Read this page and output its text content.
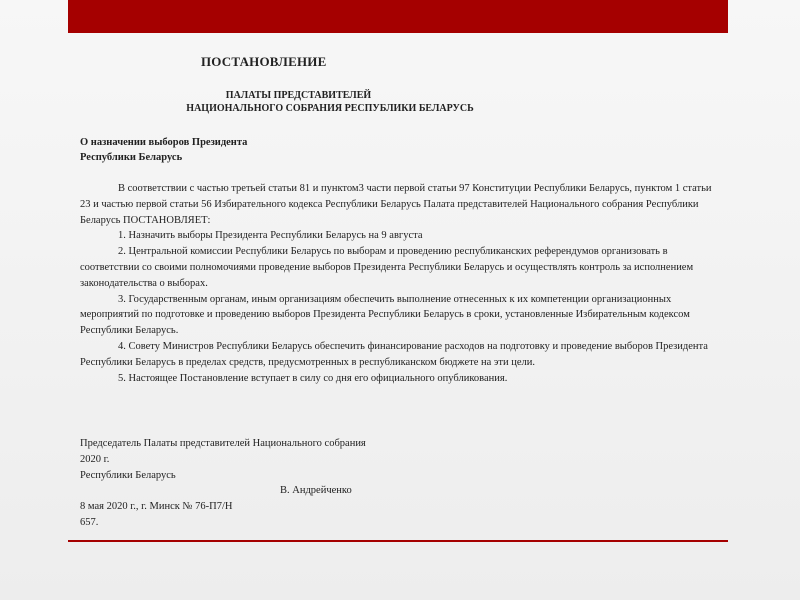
ПОСТАНОВЛЕНИЕ
ПАЛАТЫ ПРЕДСТАВИТЕЛЕЙ
НАЦИОНАЛЬНОГО СОБРАНИЯ РЕСПУБЛИКИ БЕЛАРУСЬ
О назначении выборов Президента
Республики Беларусь

В соответствии с частью третьей статьи 81 и пунктом3 части первой статьи 97 Конституции Республики Беларусь, пунктом 1 статьи 23 и частью первой статьи 56 Избирательного кодекса Республики Беларусь Палата представителей Национального собрания Республики Беларусь ПОСТАНОВЛЯЕТ:

1. Назначить выборы Президента Республики Беларусь на 9 августа

2. Центральной комиссии Республики Беларусь по выборам и проведению республиканских референдумов организовать в соответствии со своими полномочиями проведение выборов Президента Республики Беларусь и осуществлять контроль за исполнением законодательства о выборах.

3. Государственным органам, иным организациям обеспечить выполнение отнесенных к их компетенции организационных мероприятий по подготовке и проведению выборов Президента Республики Беларусь в сроки, установленные Избирательным кодексом Республики Беларусь.

4. Совету Министров Республики Беларусь обеспечить финансирование расходов на подготовку и проведение выборов Президента Республики Беларусь в пределах средств, предусмотренных в республиканском бюджете на эти цели.

5. Настоящее Постановление вступает в силу со дня его официального опубликования.

Председатель Палаты представителей Национального собрания
2020 г.
Республики Беларусь
В. Андрейченко
8 мая 2020 г., г. Минск № 76-П7/Н
657.
